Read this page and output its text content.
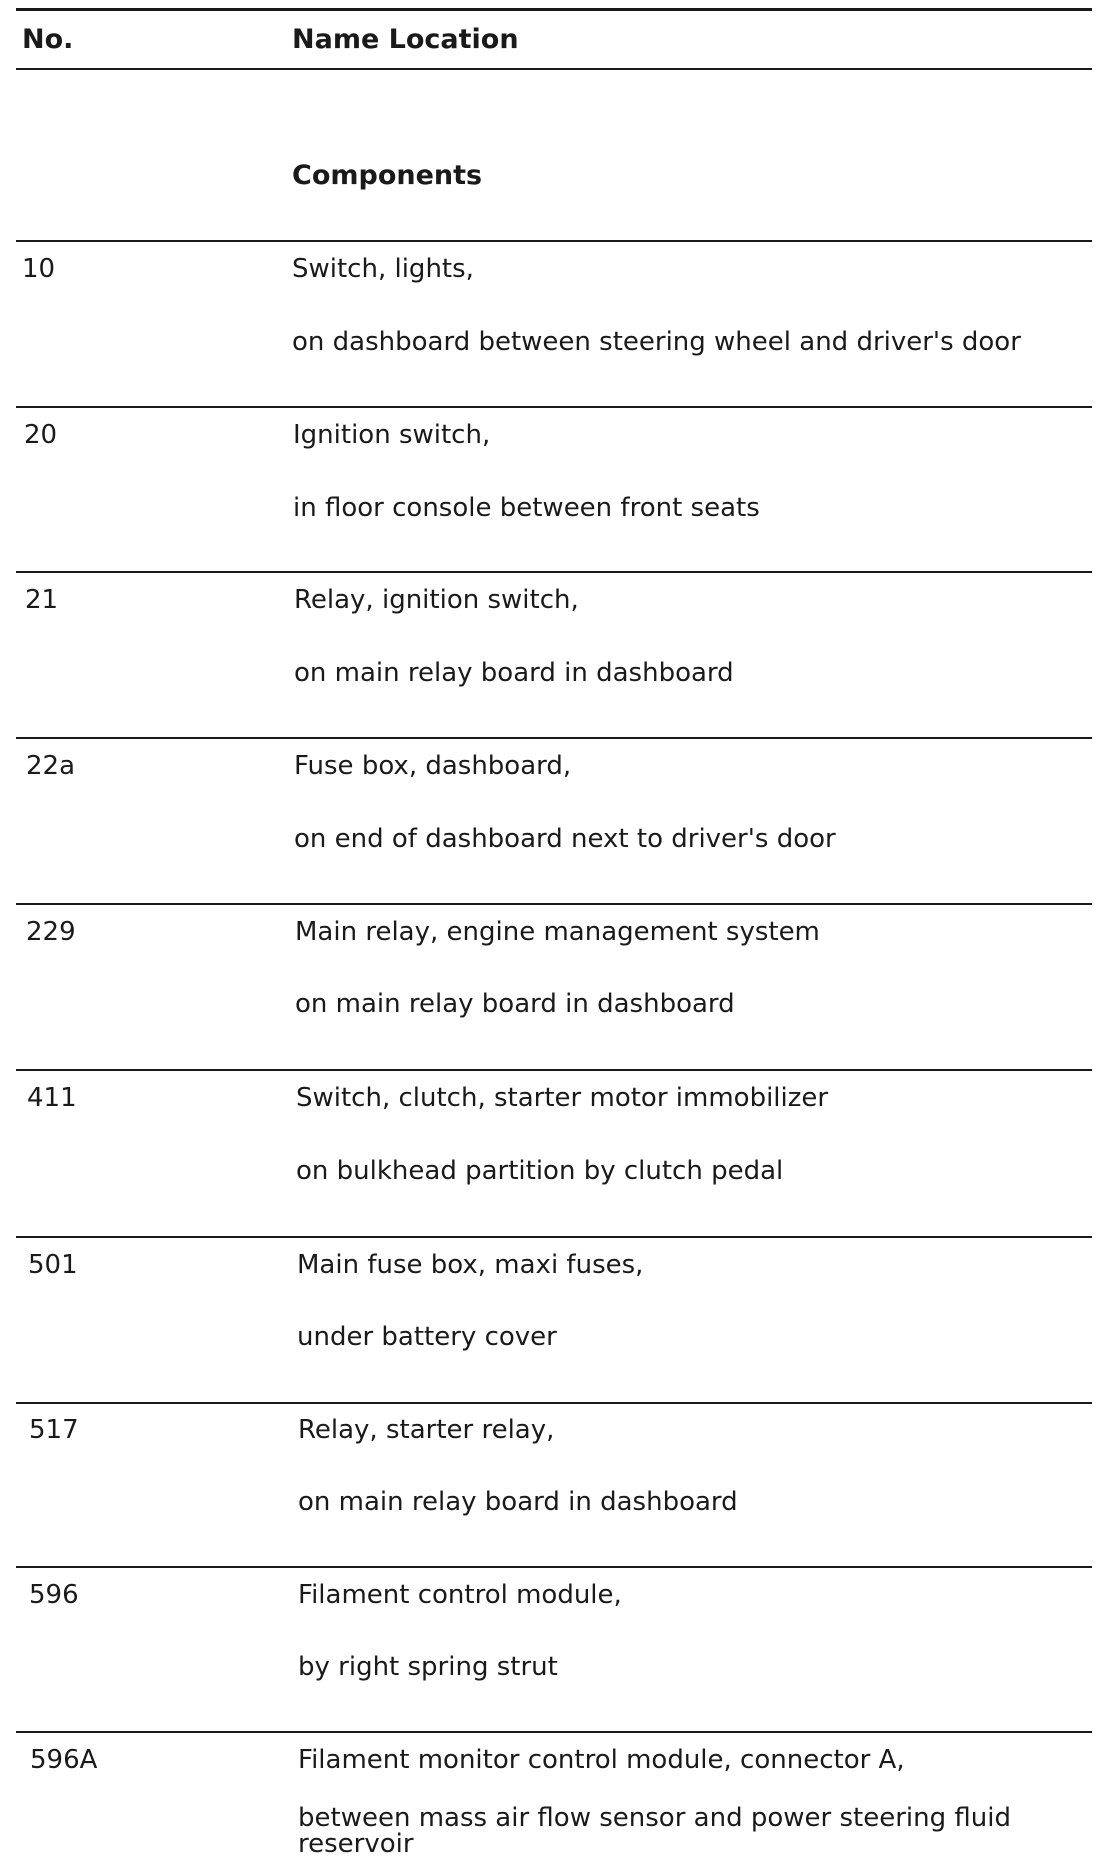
No.	Name Location
Components
10	Switch, lights,
on dashboard between steering wheel and driver's door
20	Ignition switch,
in floor console between front seats
21	Relay, ignition switch,
on main relay board in dashboard
22a	Fuse box, dashboard,
on end of dashboard next to driver's door
229	Main relay, engine management system
on main relay board in dashboard
411	Switch, clutch, starter motor immobilizer
on bulkhead partition by clutch pedal
501	Main fuse box, maxi fuses,
under battery cover
517	Relay, starter relay,
on main relay board in dashboard
596	Filament control module,
by right spring strut
596A	Filament monitor control module, connector A,
between mass air flow sensor and power steering fluid reservoir
